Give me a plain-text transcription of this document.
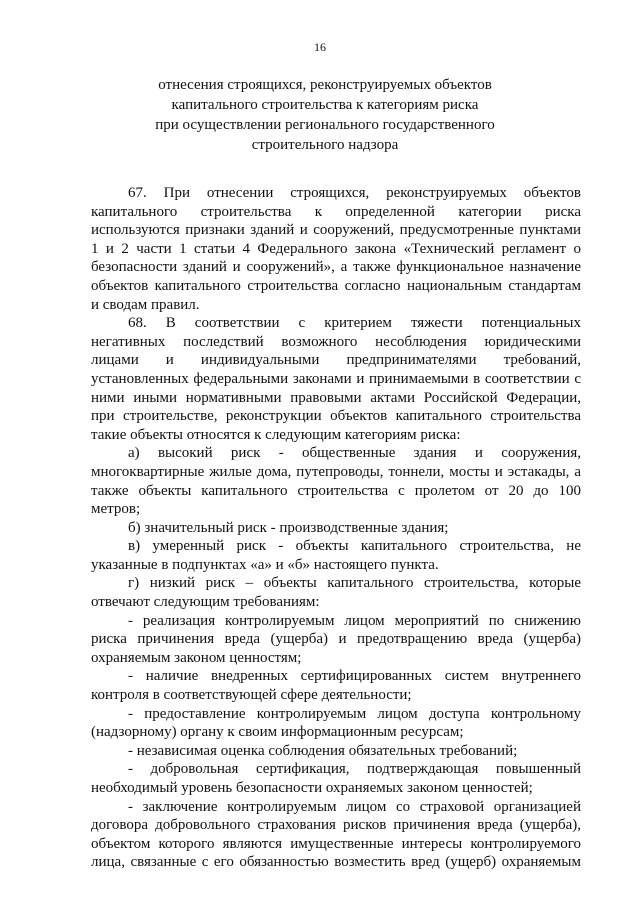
16
отнесения строящихся, реконструируемых объектов
капитального строительства к категориям риска
при осуществлении регионального государственного
строительного надзора
67. При отнесении строящихся, реконструируемых объектов
капитального строительства к определенной категории риска
используются признаки зданий и сооружений, предусмотренные пунктами
1 и 2 части 1 статьи 4 Федерального закона «Технический регламент о
безопасности зданий и сооружений», а также функциональное назначение
объектов капитального строительства согласно национальным стандартам
и сводам правил.
68. В соответствии с критерием тяжести потенциальных
негативных последствий возможного несоблюдения юридическими
лицами и индивидуальными предпринимателями требований,
установленных федеральными законами и принимаемыми в соответствии с
ними иными нормативными правовыми актами Российской Федерации,
при строительстве, реконструкции объектов капитального строительства
такие объекты относятся к следующим категориям риска:
а) высокий риск - общественные здания и сооружения,
многоквартирные жилые дома, путепроводы, тоннели, мосты и эстакады, а
также объекты капитального строительства с пролетом от 20 до 100
метров;
б) значительный риск - производственные здания;
в) умеренный риск - объекты капитального строительства, не
указанные в подпунктах «а» и «б» настоящего пункта.
г) низкий риск – объекты капитального строительства, которые
отвечают следующим требованиям:
- реализация контролируемым лицом мероприятий по снижению
риска причинения вреда (ущерба) и предотвращению вреда (ущерба)
охраняемым законом ценностям;
- наличие внедренных сертифицированных систем внутреннего
контроля в соответствующей сфере деятельности;
- предоставление контролируемым лицом доступа контрольному
(надзорному) органу к своим информационным ресурсам;
- независимая оценка соблюдения обязательных требований;
- добровольная сертификация, подтверждающая повышенный
необходимый уровень безопасности охраняемых законом ценностей;
- заключение контролируемым лицом со страховой организацией
договора добровольного страхования рисков причинения вреда (ущерба),
объектом которого являются имущественные интересы контролируемого
лица, связанные с его обязанностью возместить вред (ущерб) охраняемым
